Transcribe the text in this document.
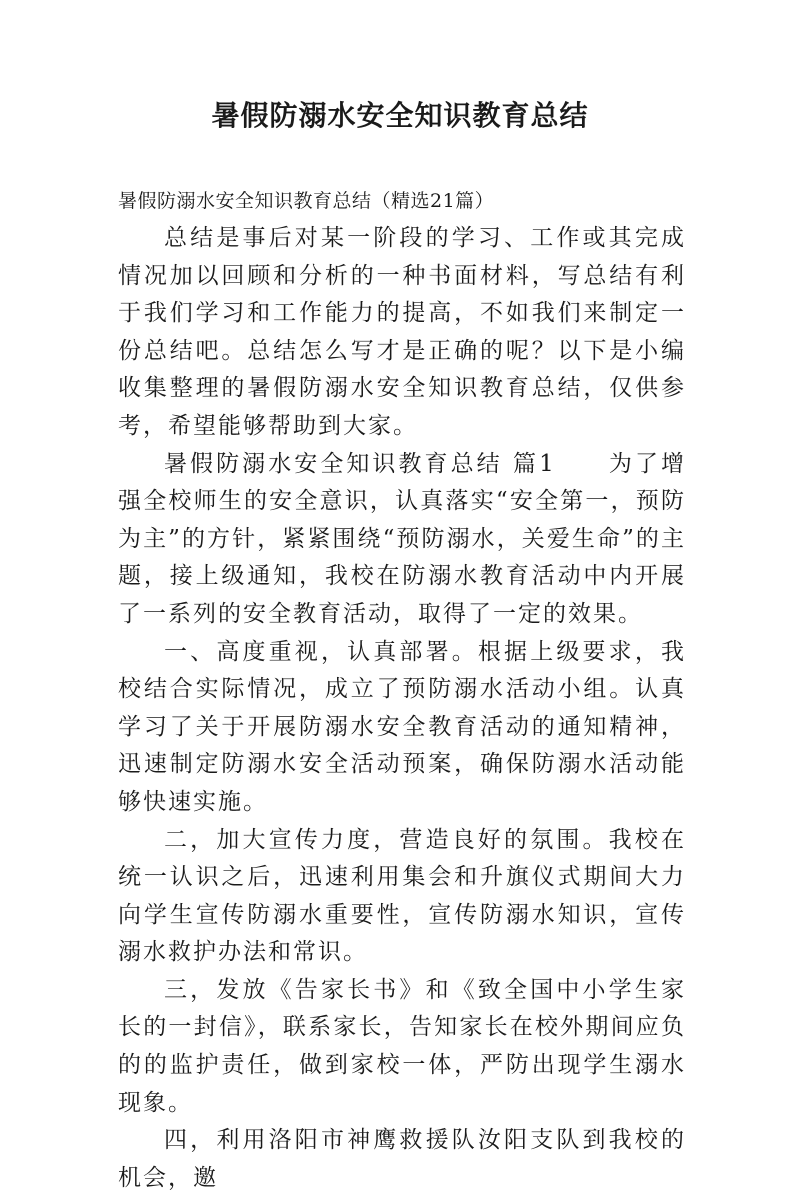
暑假防溺水安全知识教育总结

暑假防溺水安全知识教育总结（精选21篇）

总结是事后对某一阶段的学习、工作或其完成情况加以回顾和分析的一种书面材料，写总结有利于我们学习和工作能力的提高，不如我们来制定一份总结吧。总结怎么写才是正确的呢？以下是小编收集整理的暑假防溺水安全知识教育总结，仅供参考，希望能够帮助到大家。

暑假防溺水安全知识教育总结 篇1　　为了增强全校师生的安全意识，认真落实“安全第一，预防为主”的方针，紧紧围绕“预防溺水，关爱生命”的主题，接上级通知，我校在防溺水教育活动中内开展了一系列的安全教育活动，取得了一定的效果。

一、高度重视，认真部署。根据上级要求，我校结合实际情况，成立了预防溺水活动小组。认真学习了关于开展防溺水安全教育活动的通知精神，迅速制定防溺水安全活动预案，确保防溺水活动能够快速实施。

二，加大宣传力度，营造良好的氛围。我校在统一认识之后，迅速利用集会和升旗仪式期间大力向学生宣传防溺水重要性，宣传防溺水知识，宣传溺水救护办法和常识。

三，发放《告家长书》和《致全国中小学生家长的一封信》，联系家长，告知家长在校外期间应负的的监护责任，做到家校一体，严防出现学生溺水现象。

四，利用洛阳市神鹰救援队汝阳支队到我校的机会，邀
